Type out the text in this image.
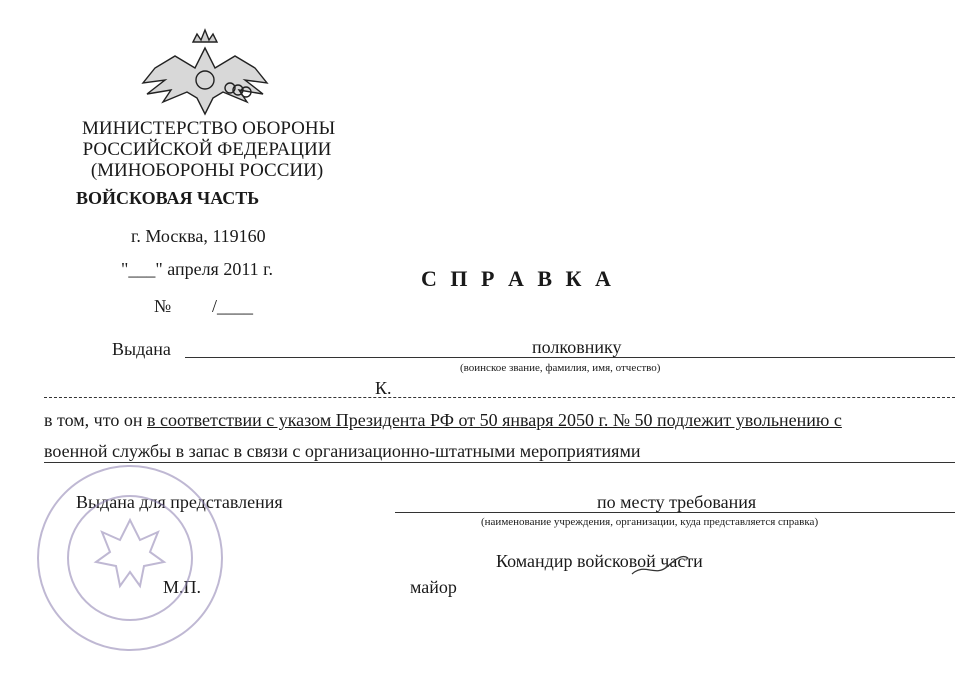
МИНИСТЕРСТВО ОБОРОНЫ
РОССИЙСКОЙ ФЕДЕРАЦИИ
(МИНОБОРОНЫ РОССИИ)
ВОЙСКОВАЯ ЧАСТЬ
г. Москва, 119160
"___" апреля 2011 г.
№ /____
С П Р А В К А
Выдана	полковнику
(воинское звание, фамилия, имя, отчество)
К.
в том, что он в соответствии с указом Президента РФ от 50 января 2050 г. № 50 подлежит увольнению с
военной службы в запас в связи с организационно-штатными мероприятиями
Выдана для представления	по месту требования
(наименование учреждения, организации, куда представляется справка)
Командир войсковой части
М.П.	майор
